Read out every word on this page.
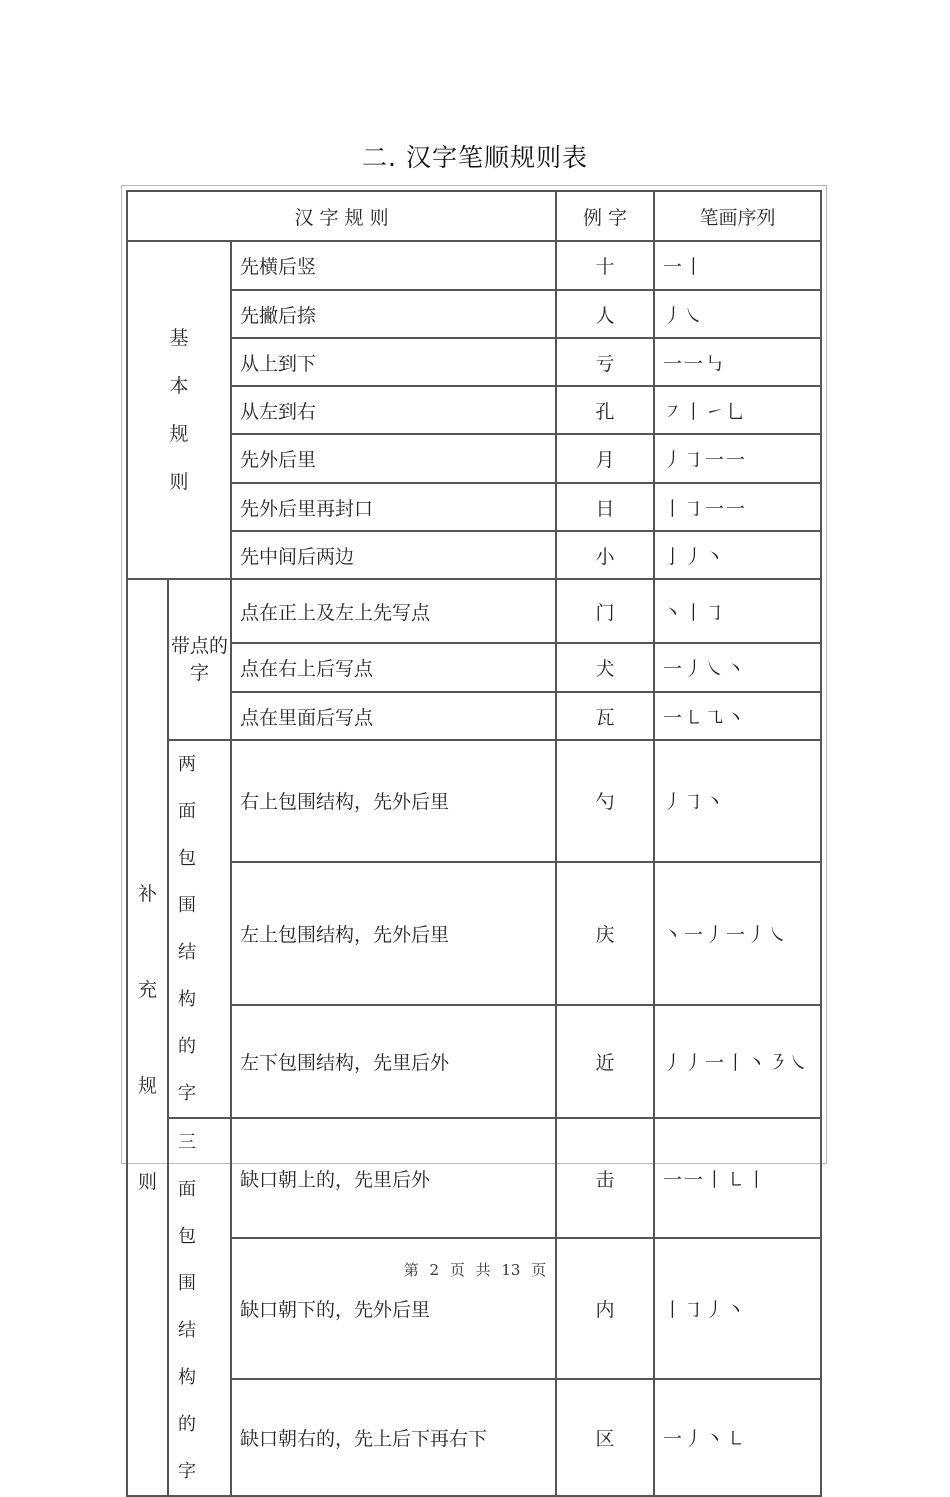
二. 汉字笔顺规则表
汉 字 规 则			例 字	笔画序列

基本规则		先横后竖	十	一丨
		先撇后捺	人	丿㇏
		从上到下	亏	一一㇉
		从左到右	孔	㇇丨㇀乚
		先外后里	月	丿㇆一一
		先外后里再封口	日	丨㇆一一
		先中间后两边	小	亅丿丶

补充规则	带点的字	点在正上及左上先写点	门	丶丨㇆
		点在右上后写点	犬	一丿㇏丶
		点在里面后写点	瓦	一㇄㇈丶

	两面包围结构的字	右上包围结构，先外后里	勺	丿㇆丶
		左上包围结构，先外后里	庆	丶一丿一丿㇏
		左下包围结构，先里后外	近	丿丿一丨丶㇋㇏

	三面包围结构的字	缺口朝上的，先里后外	击	一一丨㇄丨
		缺口朝下的，先外后里	内	丨㇆丿丶
		缺口朝右的，先上后下再右下	区	一丿丶㇄
第 2 页 共 13 页
